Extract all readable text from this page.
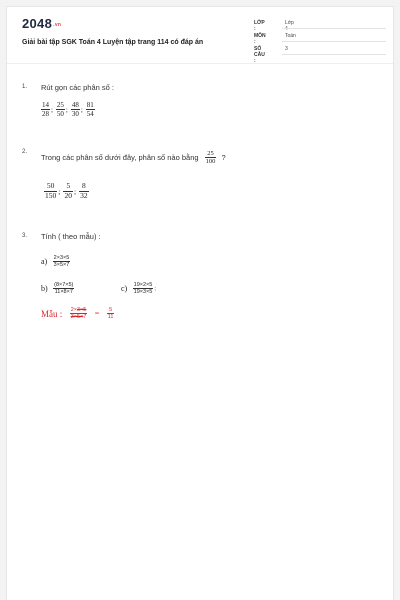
2048.vn
Giải bài tập SGK Toán 4 Luyện tập trang 114 có đáp án
LỚP :
Lớp 4
MÔN :
Toán
SỐ CÂU :
3
1. Rút gọn các phân số :
$\frac{14}{28}$ ; $\frac{25}{50}$ ; $\frac{48}{30}$ ; $\frac{81}{54}$
2.
Trong các phân số dưới đây, phân số nào bằng $\frac{25}{100}$ ?
$\frac{50}{150}$ ; $\frac{5}{20}$ ; $\frac{8}{32}$
3. Tính ( theo mẫu) :
$a) \frac{2\times 3\times 5}{3\times 5\times 7}$
$b) \frac{(8\times 7\times 5)}{11\times 8\times 7}$	$c) \frac{19\times 2\times 5}{19\times 3\times 5}$ ;
Mẫu : $\frac{2\times 3\times 5}{3\times 5\times 7} = \frac{5}{11}$
